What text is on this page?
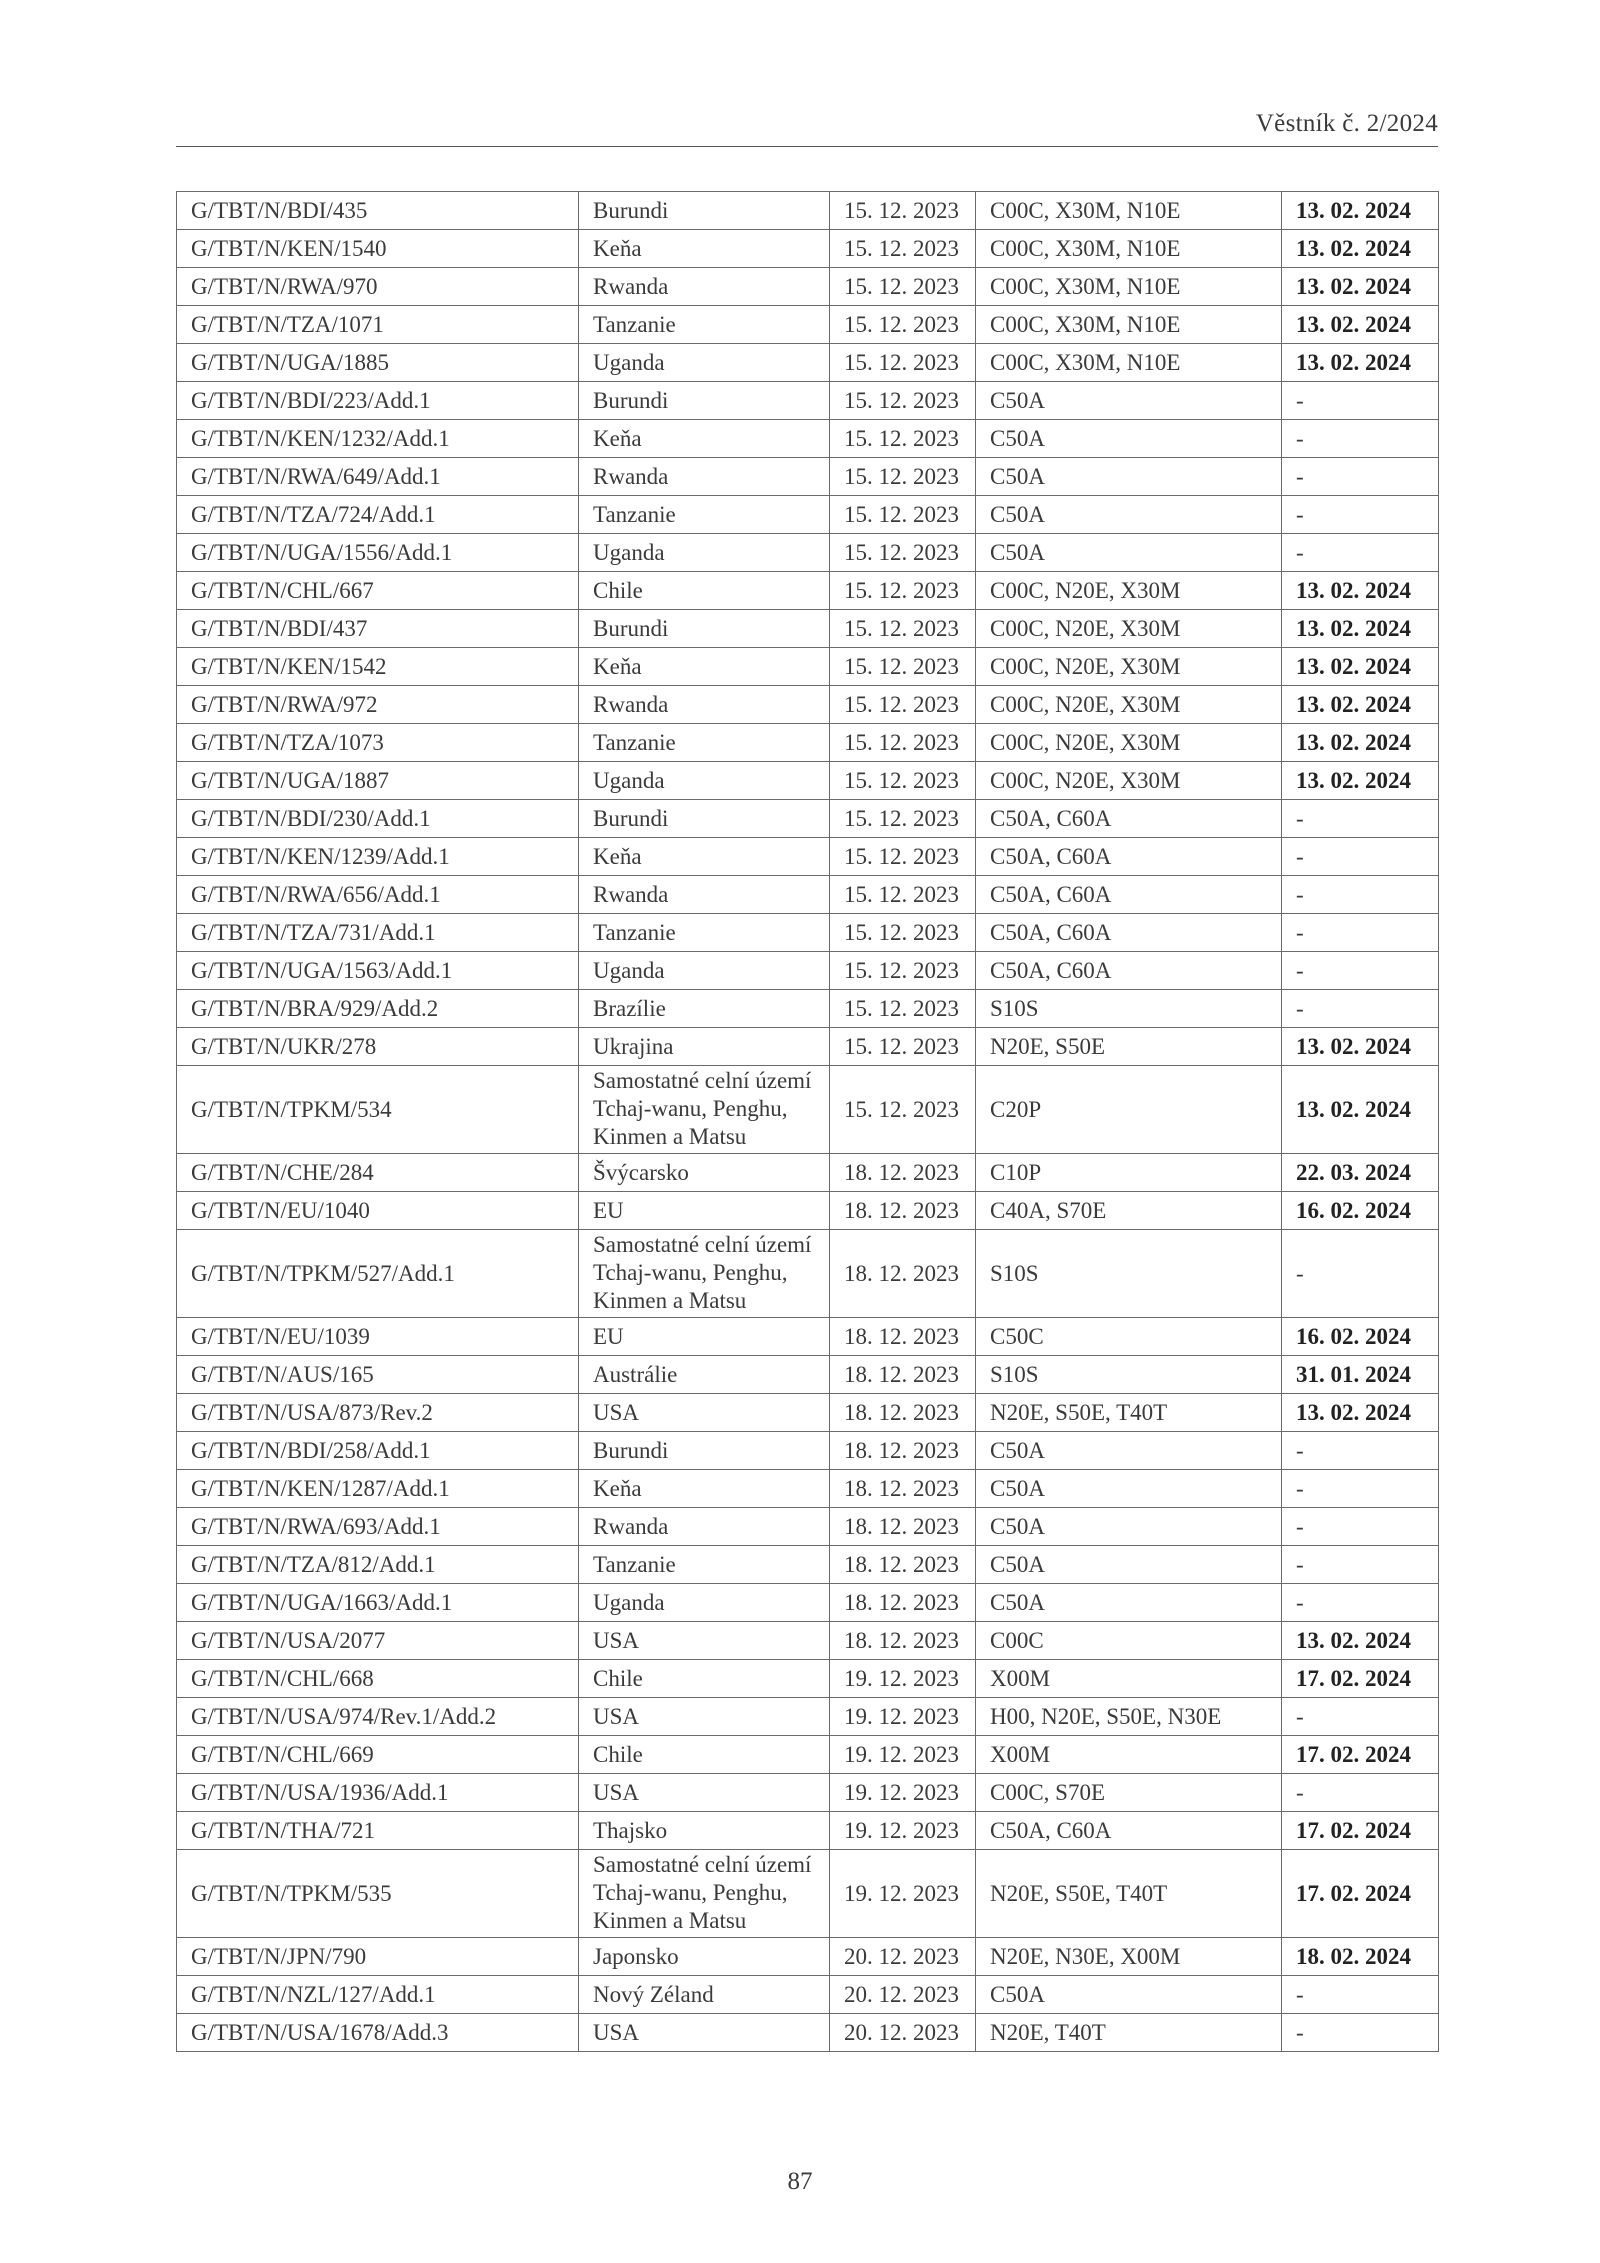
Věstník č. 2/2024
G/TBT/N/BDI/435	Burundi	15. 12. 2023	C00C, X30M, N10E	13. 02. 2024
G/TBT/N/KEN/1540	Keňa	15. 12. 2023	C00C, X30M, N10E	13. 02. 2024
G/TBT/N/RWA/970	Rwanda	15. 12. 2023	C00C, X30M, N10E	13. 02. 2024
G/TBT/N/TZA/1071	Tanzanie	15. 12. 2023	C00C, X30M, N10E	13. 02. 2024
G/TBT/N/UGA/1885	Uganda	15. 12. 2023	C00C, X30M, N10E	13. 02. 2024
G/TBT/N/BDI/223/Add.1	Burundi	15. 12. 2023	C50A	-
G/TBT/N/KEN/1232/Add.1	Keňa	15. 12. 2023	C50A	-
G/TBT/N/RWA/649/Add.1	Rwanda	15. 12. 2023	C50A	-
G/TBT/N/TZA/724/Add.1	Tanzanie	15. 12. 2023	C50A	-
G/TBT/N/UGA/1556/Add.1	Uganda	15. 12. 2023	C50A	-
G/TBT/N/CHL/667	Chile	15. 12. 2023	C00C, N20E, X30M	13. 02. 2024
G/TBT/N/BDI/437	Burundi	15. 12. 2023	C00C, N20E, X30M	13. 02. 2024
G/TBT/N/KEN/1542	Keňa	15. 12. 2023	C00C, N20E, X30M	13. 02. 2024
G/TBT/N/RWA/972	Rwanda	15. 12. 2023	C00C, N20E, X30M	13. 02. 2024
G/TBT/N/TZA/1073	Tanzanie	15. 12. 2023	C00C, N20E, X30M	13. 02. 2024
G/TBT/N/UGA/1887	Uganda	15. 12. 2023	C00C, N20E, X30M	13. 02. 2024
G/TBT/N/BDI/230/Add.1	Burundi	15. 12. 2023	C50A, C60A	-
G/TBT/N/KEN/1239/Add.1	Keňa	15. 12. 2023	C50A, C60A	-
G/TBT/N/RWA/656/Add.1	Rwanda	15. 12. 2023	C50A, C60A	-
G/TBT/N/TZA/731/Add.1	Tanzanie	15. 12. 2023	C50A, C60A	-
G/TBT/N/UGA/1563/Add.1	Uganda	15. 12. 2023	C50A, C60A	-
G/TBT/N/BRA/929/Add.2	Brazílie	15. 12. 2023	S10S	-
G/TBT/N/UKR/278	Ukrajina	15. 12. 2023	N20E, S50E	13. 02. 2024
G/TBT/N/TPKM/534	Samostatné celní území Tchaj-wanu, Penghu, Kinmen a Matsu	15. 12. 2023	C20P	13. 02. 2024
G/TBT/N/CHE/284	Švýcarsko	18. 12. 2023	C10P	22. 03. 2024
G/TBT/N/EU/1040	EU	18. 12. 2023	C40A, S70E	16. 02. 2024
G/TBT/N/TPKM/527/Add.1	Samostatné celní území Tchaj-wanu, Penghu, Kinmen a Matsu	18. 12. 2023	S10S	-
G/TBT/N/EU/1039	EU	18. 12. 2023	C50C	16. 02. 2024
G/TBT/N/AUS/165	Austrálie	18. 12. 2023	S10S	31. 01. 2024
G/TBT/N/USA/873/Rev.2	USA	18. 12. 2023	N20E, S50E, T40T	13. 02. 2024
G/TBT/N/BDI/258/Add.1	Burundi	18. 12. 2023	C50A	-
G/TBT/N/KEN/1287/Add.1	Keňa	18. 12. 2023	C50A	-
G/TBT/N/RWA/693/Add.1	Rwanda	18. 12. 2023	C50A	-
G/TBT/N/TZA/812/Add.1	Tanzanie	18. 12. 2023	C50A	-
G/TBT/N/UGA/1663/Add.1	Uganda	18. 12. 2023	C50A	-
G/TBT/N/USA/2077	USA	18. 12. 2023	C00C	13. 02. 2024
G/TBT/N/CHL/668	Chile	19. 12. 2023	X00M	17. 02. 2024
G/TBT/N/USA/974/Rev.1/Add.2	USA	19. 12. 2023	H00, N20E, S50E, N30E	-
G/TBT/N/CHL/669	Chile	19. 12. 2023	X00M	17. 02. 2024
G/TBT/N/USA/1936/Add.1	USA	19. 12. 2023	C00C, S70E	-
G/TBT/N/THA/721	Thajsko	19. 12. 2023	C50A, C60A	17. 02. 2024
G/TBT/N/TPKM/535	Samostatné celní území Tchaj-wanu, Penghu, Kinmen a Matsu	19. 12. 2023	N20E, S50E, T40T	17. 02. 2024
G/TBT/N/JPN/790	Japonsko	20. 12. 2023	N20E, N30E, X00M	18. 02. 2024
G/TBT/N/NZL/127/Add.1	Nový Zéland	20. 12. 2023	C50A	-
G/TBT/N/USA/1678/Add.3	USA	20. 12. 2023	N20E, T40T	-
87
